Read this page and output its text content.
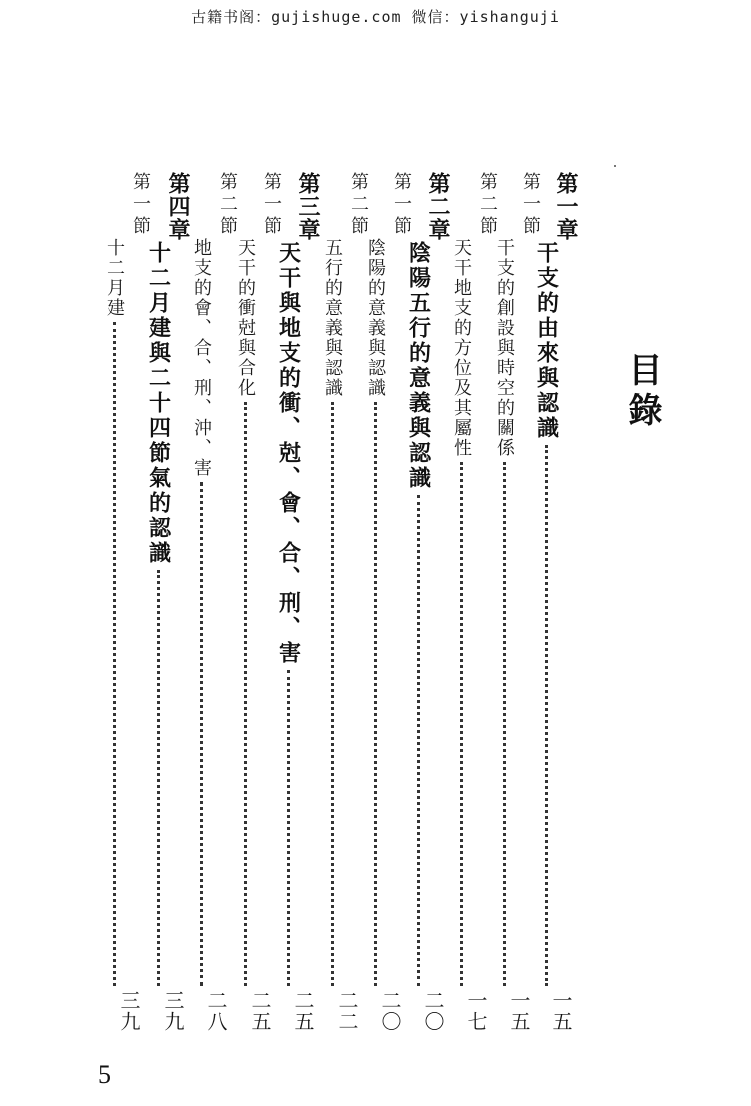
古籍书阁：gujishuge.com 微信：yishanguji
目錄
第一章
干支的由來與認識
一五
第一節
干支的創設與時空的關係
一五
第二節
天干地支的方位及其屬性
一七
第二章
陰陽五行的意義與認識
二〇
第一節
陰陽的意義與認識
二〇
第二節
五行的意義與認識
二二
第三章
天干與地支的衝、尅、會、合、刑、害
二五
第一節
天干的衝尅與合化
二五
第二節
地支的會、合、刑、沖、害
二八
第四章
十二月建與二十四節氣的認識
三九
第一節
十二月建
三九
5
